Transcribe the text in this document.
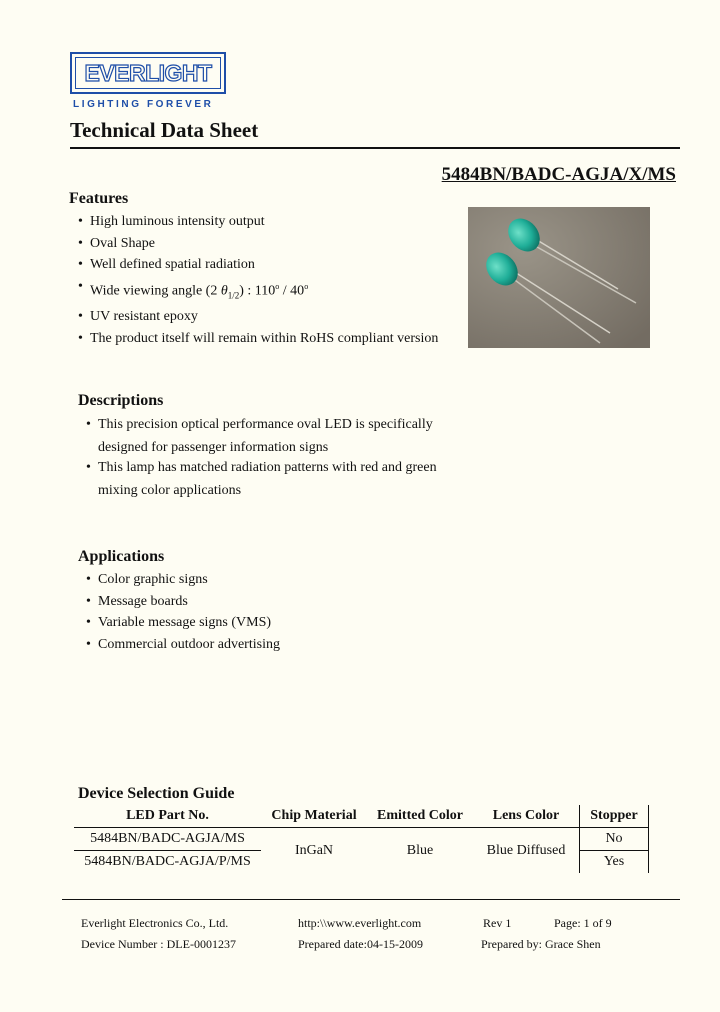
EVERLIGHT
LIGHTING FOREVER
Technical Data Sheet
5484BN/BADC-AGJA/X/MS
Features
• High luminous intensity output
• Oval Shape
• Well defined spatial radiation
• Wide viewing angle (2 $\theta_{1/2}$) : 110$^o$ / 40$^o$
• UV resistant epoxy
• The product itself will remain within RoHS compliant version
Descriptions
• This precision optical performance oval LED is specifically
designed for passenger information signs
• This lamp has matched radiation patterns with red and green
mixing color applications
Applications
• Color graphic signs
• Message boards
• Variable message signs (VMS)
• Commercial outdoor advertising
Device Selection Guide
LED Part No.	Chip Material	Emitted Color	Lens Color	Stopper
5484BN/BADC-AGJA/MS	InGaN	Blue	Blue Diffused	No
5484BN/BADC-AGJA/P/MS				Yes
Everlight Electronics Co., Ltd.	http:\\www.everlight.com	Rev 1	Page: 1 of 9
Device Number : DLE-0001237	Prepared date:04-15-2009	Prepared by: Grace Shen
